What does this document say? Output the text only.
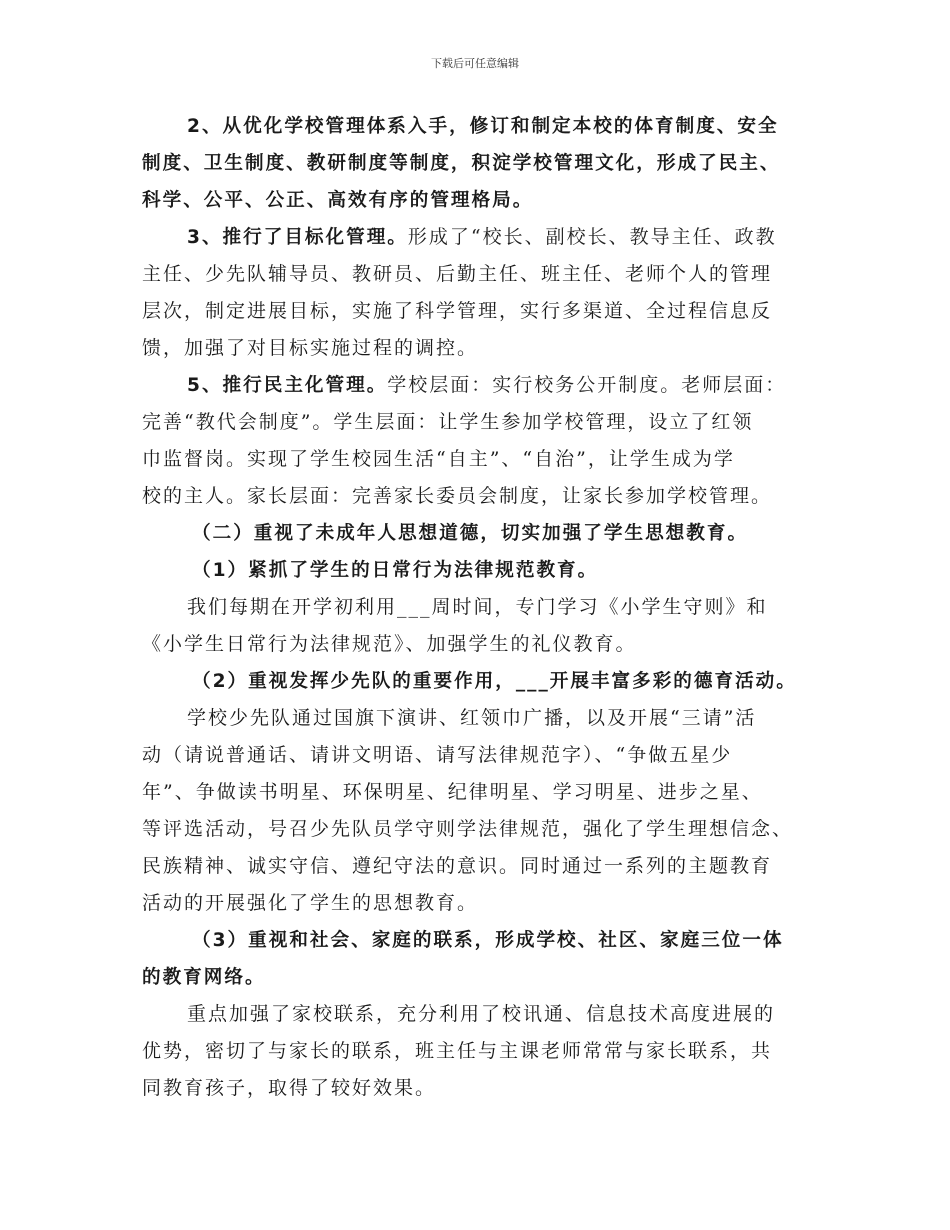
下载后可任意编辑
2、从优化学校管理体系入手，修订和制定本校的体育制度、安全
制度、卫生制度、教研制度等制度，积淀学校管理文化，形成了民主、
科学、公平、公正、高效有序的管理格局。
3、推行了目标化管理。形成了“校长、副校长、教导主任、政教
主任、少先队辅导员、教研员、后勤主任、班主任、老师个人的管理
层次，制定进展目标，实施了科学管理，实行多渠道、全过程信息反
馈，加强了对目标实施过程的调控。
5、推行民主化管理。学校层面：实行校务公开制度。老师层面：
完善“教代会制度”。学生层面：让学生参加学校管理，设立了红领
巾监督岗。实现了学生校园生活“自主”、“自治”，让学生成为学
校的主人。家长层面：完善家长委员会制度，让家长参加学校管理。
（二）重视了未成年人思想道德，切实加强了学生思想教育。
（1）紧抓了学生的日常行为法律规范教育。
我们每期在开学初利用___周时间，专门学习《小学生守则》和
《小学生日常行为法律规范》、加强学生的礼仪教育。
（2）重视发挥少先队的重要作用，___开展丰富多彩的德育活动。
学校少先队通过国旗下演讲、红领巾广播，以及开展“三请”活
动（请说普通话、请讲文明语、请写法律规范字）、“争做五星少
年”、争做读书明星、环保明星、纪律明星、学习明星、进步之星、
等评选活动，号召少先队员学守则学法律规范，强化了学生理想信念、
民族精神、诚实守信、遵纪守法的意识。同时通过一系列的主题教育
活动的开展强化了学生的思想教育。
（3）重视和社会、家庭的联系，形成学校、社区、家庭三位一体
的教育网络。
重点加强了家校联系，充分利用了校讯通、信息技术高度进展的
优势，密切了与家长的联系，班主任与主课老师常常与家长联系，共
同教育孩子，取得了较好效果。
